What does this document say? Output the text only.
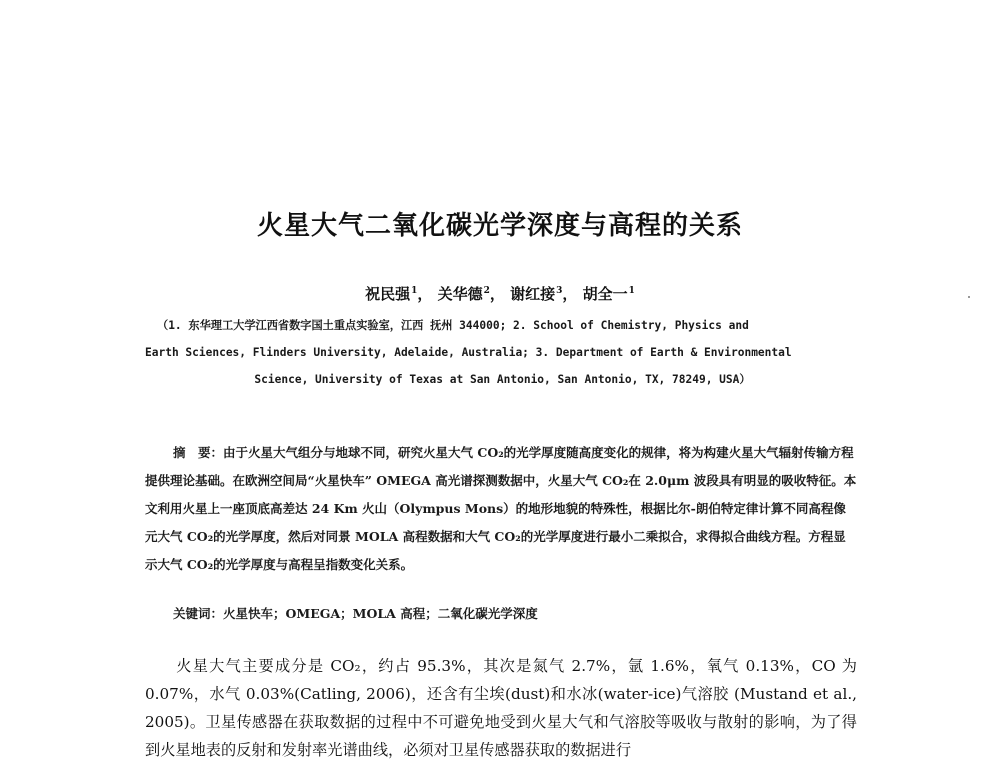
火星大气二氧化碳光学深度与高程的关系
祝民强$^1$， 关华德$^2$， 谢红接$^3$， 胡全一$^1$
（1. 东华理工大学江西省数字国土重点实验室，江西 抚州 344000; 2. School of Chemistry, Physics and
Earth Sciences, Flinders University, Adelaide, Australia; 3. Department of Earth & Environmental
Science, University of Texas at San Antonio, San Antonio, TX, 78249, USA）
摘　要：由于火星大气组分与地球不同，研究火星大气 CO₂的光学厚度随高度变化的规律，将为构建火星大气辐射传输方程提供理论基础。在欧洲空间局“火星快车” OMEGA 高光谱探测数据中，火星大气 CO₂在 2.0μm 波段具有明显的吸收特征。本文利用火星上一座顶底高差达 24 Km 火山（Olympus Mons）的地形地貌的特殊性，根据比尔-朗伯特定律计算不同高程像元大气 CO₂的光学厚度，然后对同景 MOLA 高程数据和大气 CO₂的光学厚度进行最小二乘拟合，求得拟合曲线方程。方程显示大气 CO₂的光学厚度与高程呈指数变化关系。
关键词：火星快车；OMEGA；MOLA 高程；二氧化碳光学深度
火星大气主要成分是 CO₂，约占 95.3%，其次是氮气 2.7%，氩 1.6%，氧气 0.13%，CO 为 0.07%，水气 0.03%(Catling, 2006)，还含有尘埃(dust)和水冰(water-ice)气溶胶 (Mustand et al., 2005)。卫星传感器在获取数据的过程中不可避免地受到火星大气和气溶胶等吸收与散射的影响，为了得到火星地表的反射和发射率光谱曲线，必须对卫星传感器获取的数据进行
